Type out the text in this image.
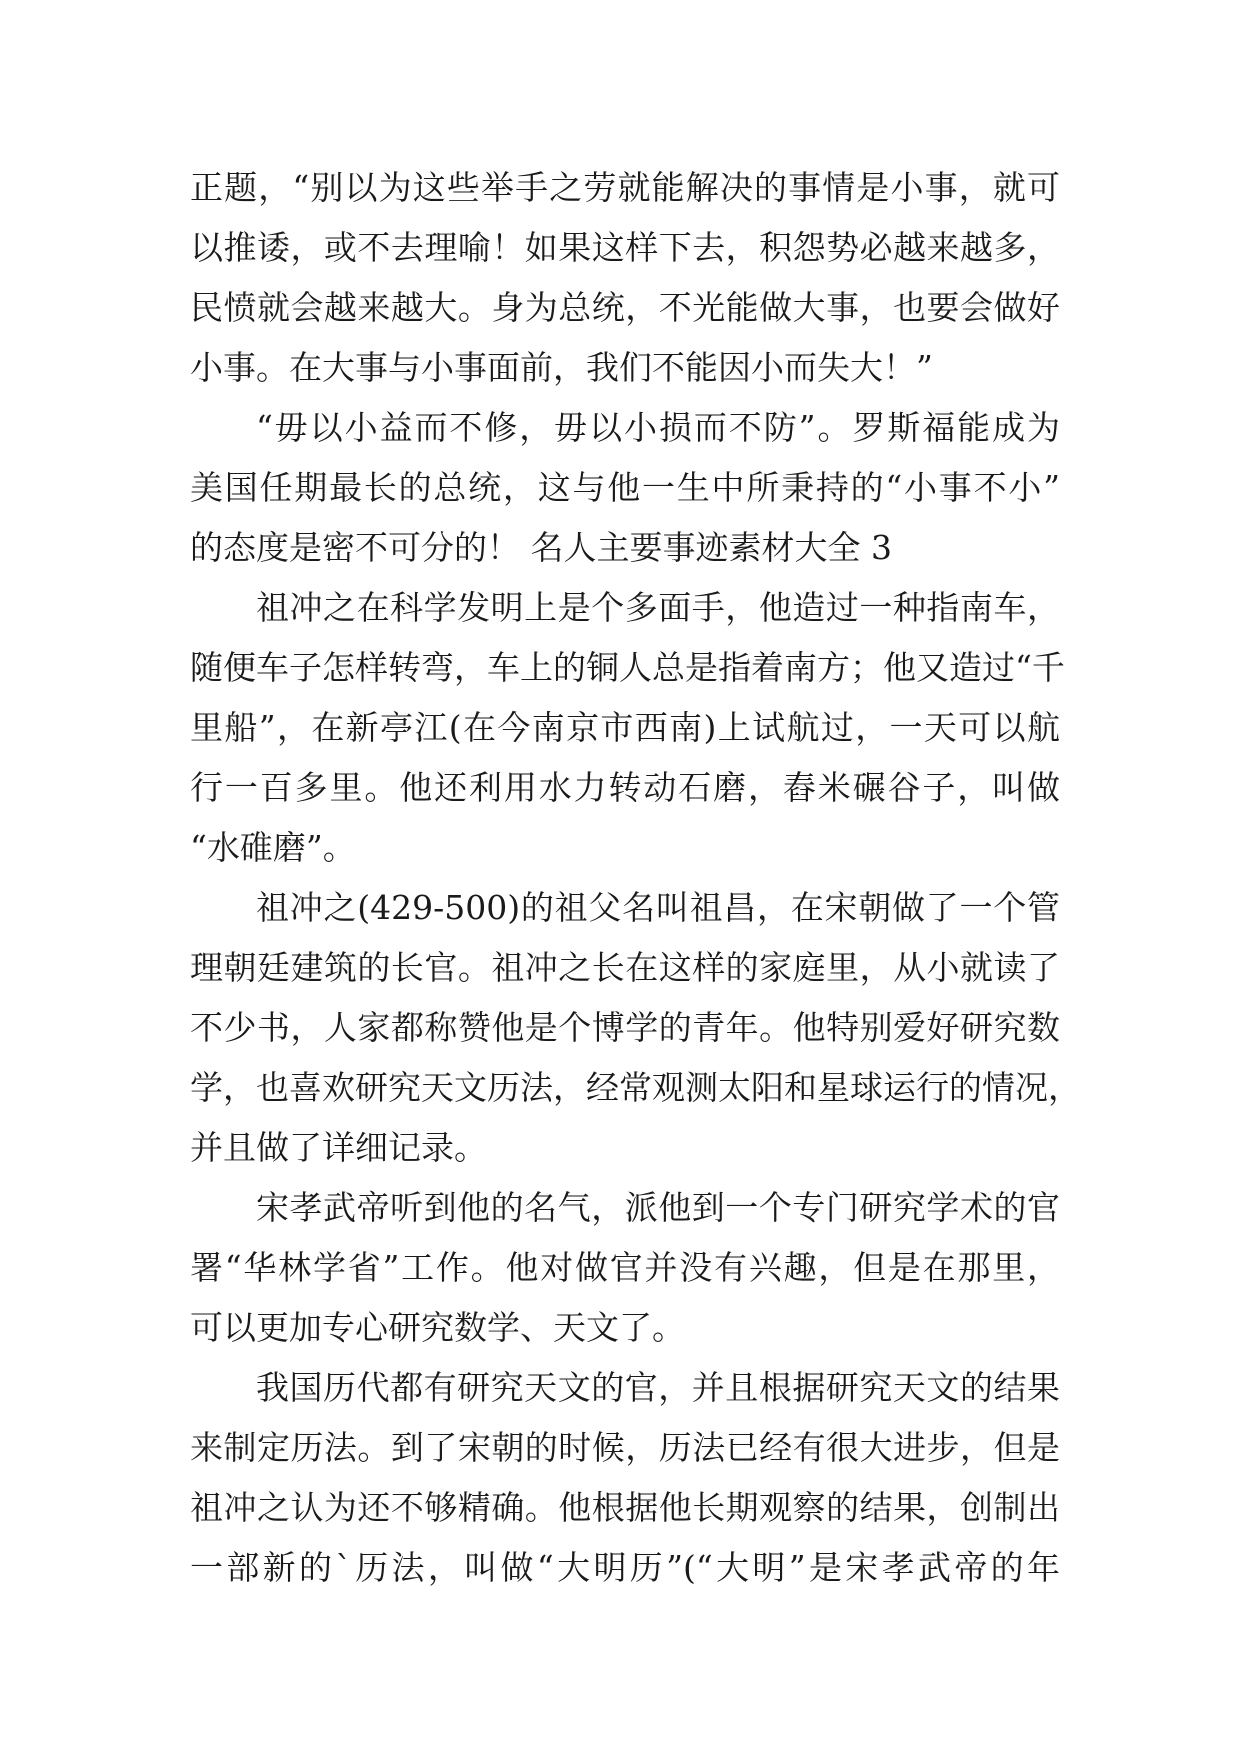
正题，“别以为这些举手之劳就能解决的事情是小事，就可
以推诿，或不去理喻！如果这样下去，积怨势必越来越多，
民愤就会越来越大。身为总统，不光能做大事，也要会做好
小事。在大事与小事面前，我们不能因小而失大！”
“毋以小益而不修，毋以小损而不防”。罗斯福能成为
美国任期最长的总统，这与他一生中所秉持的“小事不小”
的态度是密不可分的！ 名人主要事迹素材大全 3
祖冲之在科学发明上是个多面手，他造过一种指南车，
随便车子怎样转弯，车上的铜人总是指着南方；他又造过“千
里船”，在新亭江(在今南京市西南)上试航过，一天可以航
行一百多里。他还利用水力转动石磨，舂米碾谷子，叫做
“水碓磨”。
祖冲之(429-500)的祖父名叫祖昌，在宋朝做了一个管
理朝廷建筑的长官。祖冲之长在这样的家庭里，从小就读了
不少书，人家都称赞他是个博学的青年。他特别爱好研究数
学，也喜欢研究天文历法，经常观测太阳和星球运行的情况，
并且做了详细记录。
宋孝武帝听到他的名气，派他到一个专门研究学术的官
署“华林学省”工作。他对做官并没有兴趣，但是在那里，
可以更加专心研究数学、天文了。
我国历代都有研究天文的官，并且根据研究天文的结果
来制定历法。到了宋朝的时候，历法已经有很大进步，但是
祖冲之认为还不够精确。他根据他长期观察的结果，创制出
一部新的`历法，叫做“大明历”(“大明”是宋孝武帝的年
